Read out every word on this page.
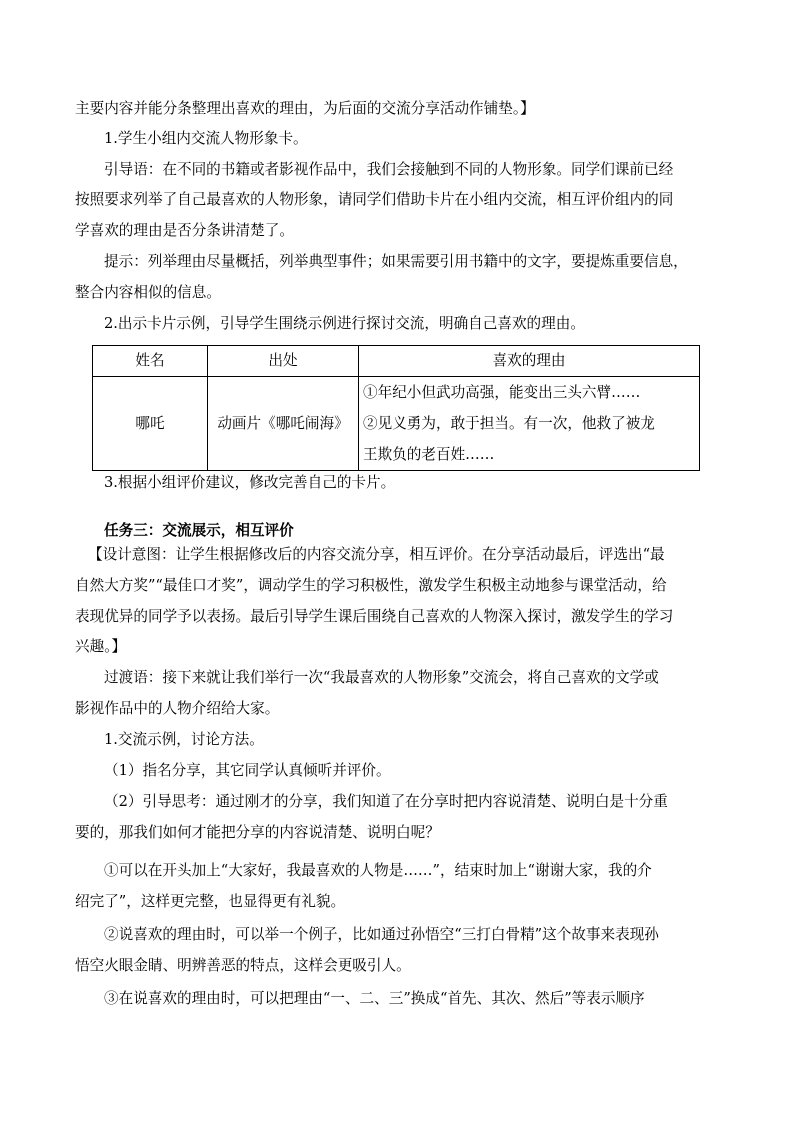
主要内容并能分条整理出喜欢的理由，为后面的交流分享活动作铺垫。】
1.学生小组内交流人物形象卡。
引导语：在不同的书籍或者影视作品中，我们会接触到不同的人物形象。同学们课前已经
按照要求列举了自己最喜欢的人物形象，请同学们借助卡片在小组内交流，相互评价组内的同
学喜欢的理由是否分条讲清楚了。
提示：列举理由尽量概括，列举典型事件；如果需要引用书籍中的文字，要提炼重要信息，
整合内容相似的信息。
2.出示卡片示例，引导学生围绕示例进行探讨交流，明确自己喜欢的理由。
姓名	出处	喜欢的理由
哪吒	动画片《哪吒闹海》	①年纪小但武功高强，能变出三头六臂……
②见义勇为，敢于担当。有一次，他救了被龙
王欺负的老百姓……
3.根据小组评价建议，修改完善自己的卡片。
任务三：交流展示，相互评价
【设计意图：让学生根据修改后的内容交流分享，相互评价。在分享活动最后，评选出“最
自然大方奖”“最佳口才奖”，调动学生的学习积极性，激发学生积极主动地参与课堂活动，给
表现优异的同学予以表扬。最后引导学生课后围绕自己喜欢的人物深入探讨，激发学生的学习
兴趣。】
过渡语：接下来就让我们举行一次“我最喜欢的人物形象”交流会，将自己喜欢的文学或
影视作品中的人物介绍给大家。
1.交流示例，讨论方法。
（1）指名分享，其它同学认真倾听并评价。
（2）引导思考：通过刚才的分享，我们知道了在分享时把内容说清楚、说明白是十分重
要的，那我们如何才能把分享的内容说清楚、说明白呢？
①可以在开头加上“大家好，我最喜欢的人物是……”，结束时加上“谢谢大家，我的介
绍完了”，这样更完整，也显得更有礼貌。
②说喜欢的理由时，可以举一个例子，比如通过孙悟空“三打白骨精”这个故事来表现孙
悟空火眼金睛、明辨善恶的特点，这样会更吸引人。
③在说喜欢的理由时，可以把理由“一、二、三”换成“首先、其次、然后”等表示顺序
